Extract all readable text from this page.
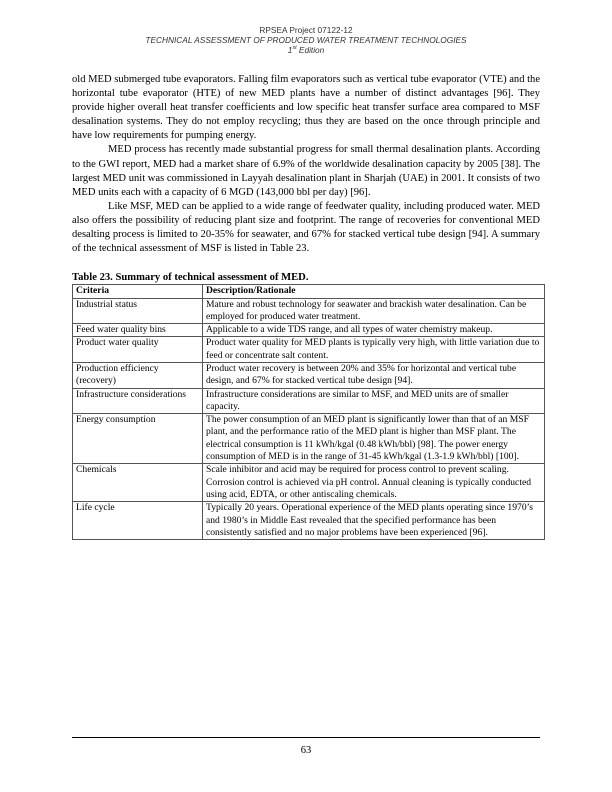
RPSEA Project 07122-12
TECHNICAL ASSESSMENT OF PRODUCED WATER TREATMENT TECHNOLOGIES
1st Edition

old MED submerged tube evaporators. Falling film evaporators such as vertical tube evaporator (VTE) and the horizontal tube evaporator (HTE) of new MED plants have a number of distinct advantages [96]. They provide higher overall heat transfer coefficients and low specific heat transfer surface area compared to MSF desalination systems. They do not employ recycling; thus they are based on the once through principle and have low requirements for pumping energy.

MED process has recently made substantial progress for small thermal desalination plants. According to the GWI report, MED had a market share of 6.9% of the worldwide desalination capacity by 2005 [38]. The largest MED unit was commissioned in Layyah desalination plant in Sharjah (UAE) in 2001. It consists of two MED units each with a capacity of 6 MGD (143,000 bbl per day) [96].

Like MSF, MED can be applied to a wide range of feedwater quality, including produced water. MED also offers the possibility of reducing plant size and footprint. The range of recoveries for conventional MED desalting process is limited to 20-35% for seawater, and 67% for stacked vertical tube design [94]. A summary of the technical assessment of MSF is listed in Table 23.

Table 23. Summary of technical assessment of MED.
Criteria	Description/Rationale
Industrial status	Mature and robust technology for seawater and brackish water desalination. Can be employed for produced water treatment.
Feed water quality bins	Applicable to a wide TDS range, and all types of water chemistry makeup.
Product water quality	Product water quality for MED plants is typically very high, with little variation due to feed or concentrate salt content.
Production efficiency (recovery)	Product water recovery is between 20% and 35% for horizontal and vertical tube design, and 67% for stacked vertical tube design [94].
Infrastructure considerations	Infrastructure considerations are similar to MSF, and MED units are of smaller capacity.
Energy consumption	The power consumption of an MED plant is significantly lower than that of an MSF plant, and the performance ratio of the MED plant is higher than MSF plant. The electrical consumption is 11 kWh/kgal (0.48 kWh/bbl) [98]. The power energy consumption of MED is in the range of 31-45 kWh/kgal (1.3-1.9 kWh/bbl) [100].
Chemicals	Scale inhibitor and acid may be required for process control to prevent scaling. Corrosion control is achieved via pH control. Annual cleaning is typically conducted using acid, EDTA, or other antiscaling chemicals.
Life cycle	Typically 20 years. Operational experience of the MED plants operating since 1970’s and 1980’s in Middle East revealed that the specified performance has been consistently satisfied and no major problems have been experienced [96].
63
